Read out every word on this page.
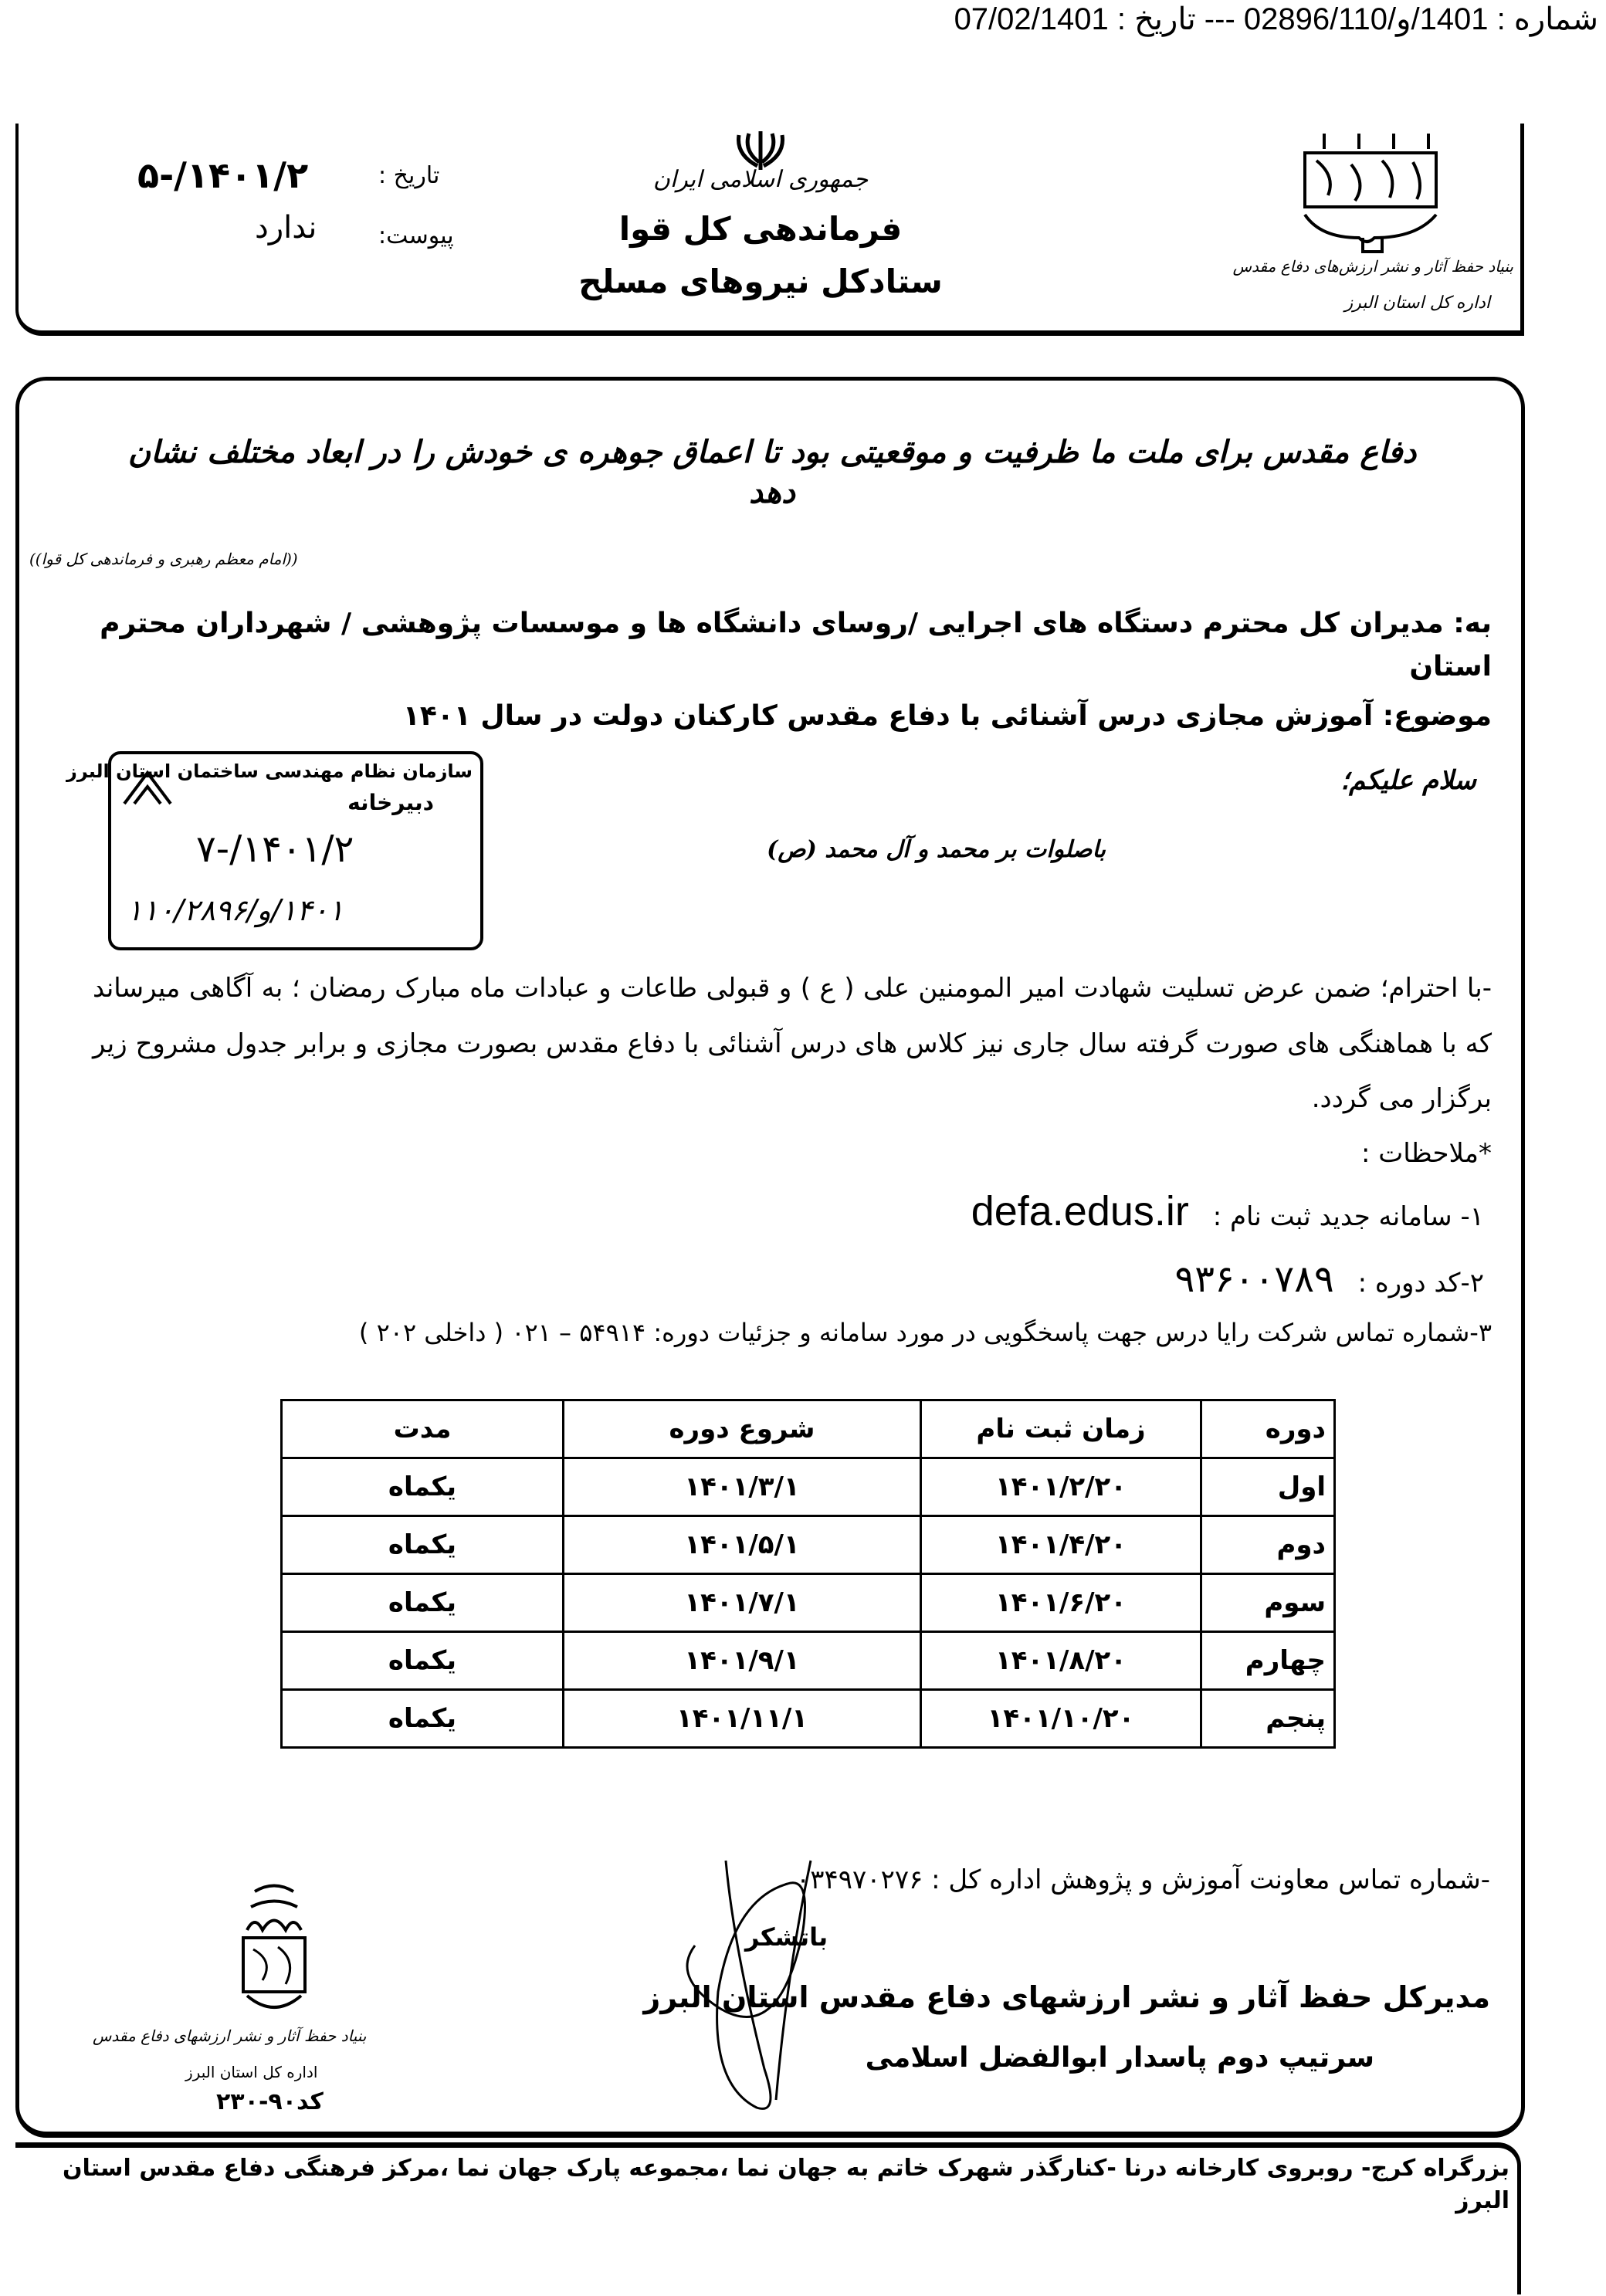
شماره : 1401/و/02896/110 --- تاریخ : 07/02/1401
جمهوری اسلامی ایران
فرماندهی کل قوا
ستادکل نیروهای مسلح
تاریخ :
۱۴۰۱/۲/-۵
پیوست:
ندارد
بنیاد حفظ آثار و نشر ارزش‌های دفاع مقدس
اداره کل استان البرز
دفاع مقدس برای ملت ما ظرفیت و موقعیتی بود تا اعماق جوهره ی خودش را در ابعاد مختلف نشان دهد
((امام معظم رهبری و فرماندهی کل قوا))
به: مدیران کل محترم دستگاه های اجرایی /روسای دانشگاه ها و موسسات پژوهشی / شهرداران محترم استان
موضوع: آموزش مجازی درس آشنائی با دفاع مقدس کارکنان دولت در سال ۱۴۰۱
سازمان نظام مهندسی ساختمان استان البرز
دبیرخانه
۱۴۰۱/۲/-۷
۱۴۰۱/و/۱۱۰/۲۸۹۶
سلام علیکم؛
باصلوات بر محمد و آل محمد (ص)
-با احترام؛ ضمن عرض تسلیت شهادت امیر المومنین علی ( ع ) و قبولی طاعات و عبادات ماه مبارک رمضان ؛ به آگاهی میرساند که با هماهنگی های صورت گرفته سال جاری نیز کلاس های درس آشنائی با دفاع مقدس بصورت مجازی و برابر جدول مشروح زیر برگزار می گردد.
*ملاحظات :
۱- سامانه جدید ثبت نام : defa.edus.ir
۲-کد دوره : ۹۳۶۰۰۷۸۹
۳-شماره تماس شرکت رایا درس جهت پاسخگویی در مورد سامانه و جزئیات دوره: ۵۴۹۱۴ – ۰۲۱ ( داخلی ۲۰۲ )
دوره	زمان ثبت نام	شروع دوره	مدت
اول	۱۴۰۱/۲/۲۰	۱۴۰۱/۳/۱	یکماه
دوم	۱۴۰۱/۴/۲۰	۱۴۰۱/۵/۱	یکماه
سوم	۱۴۰۱/۶/۲۰	۱۴۰۱/۷/۱	یکماه
چهارم	۱۴۰۱/۸/۲۰	۱۴۰۱/۹/۱	یکماه
پنجم	۱۴۰۱/۱۰/۲۰	۱۴۰۱/۱۱/۱	یکماه
-شماره تماس معاونت آموزش و پژوهش اداره کل : ۰۳۴۹۷۰۲۷۶
بنیاد حفظ آثار و نشر ارزشهای دفاع مقدس
اداره کل استان البرز
کد۹۰-۲۳۰
باتشکر
مدیرکل حفظ آثار و نشر ارزشهای دفاع مقدس استان البرز
سرتیپ دوم پاسدار ابوالفضل اسلامی
بزرگراه کرج- روبروی کارخانه درنا -کنارگذر شهرک خاتم به جهان نما ،مجموعه پارک جهان نما ،مرکز فرهنگی دفاع مقدس استان البرز
